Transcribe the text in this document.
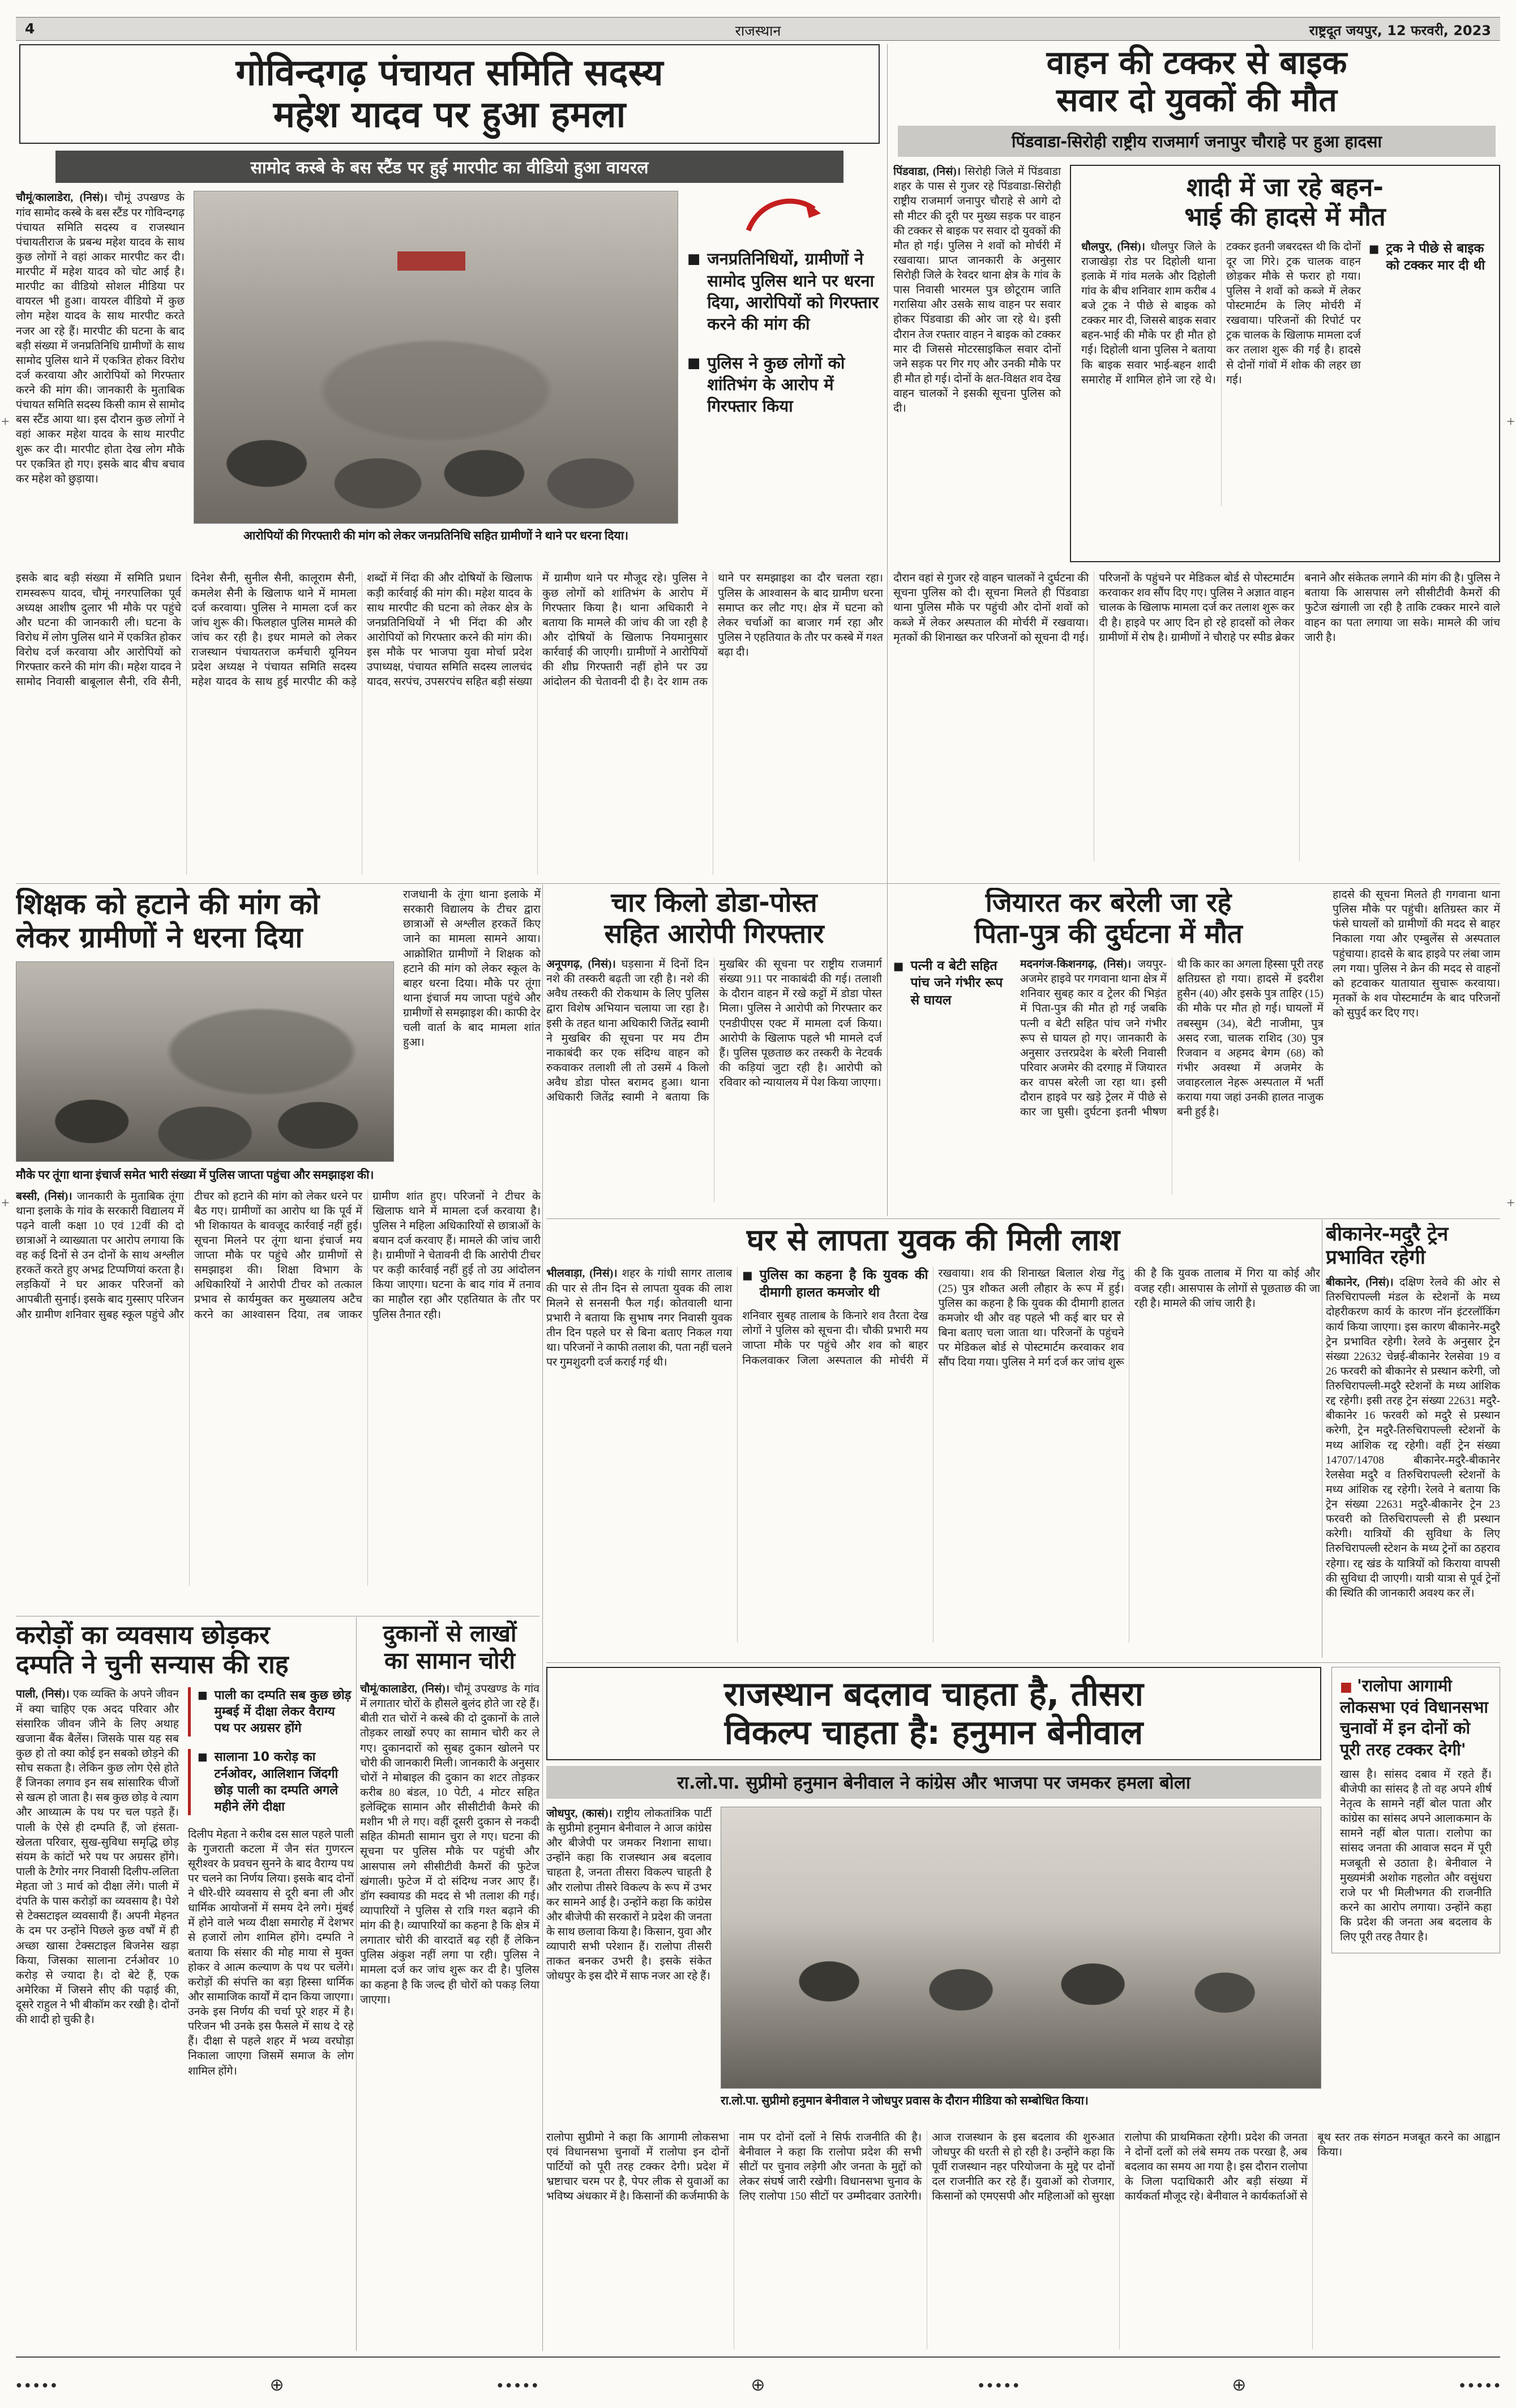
4	राजस्थान	राष्ट्रदूत जयपुर, 12 फरवरी, 2023
+	+
+	+
गोविन्दगढ़ पंचायत समिति सदस्य
महेश यादव पर हुआ हमला
सामोद कस्बे के बस स्टैंड पर हुई मारपीट का वीडियो हुआ वायरल
चौमूं/कालाडेरा, (निसं)। चौमूं उपखण्ड के गांव सामोद कस्बे के बस स्टैंड पर गोविन्दगढ़ पंचायत समिति सदस्य व राजस्थान पंचायतीराज के प्रबन्ध महेश यादव के साथ कुछ लोगों ने वहां आकर मारपीट कर दी। मारपीट में महेश यादव को चोट आई है। मारपीट का वीडियो सोशल मीडिया पर वायरल भी हुआ। वायरल वीडियो में कुछ लोग महेश यादव के साथ मारपीट करते नजर आ रहे हैं। मारपीट की घटना के बाद बड़ी संख्या में जनप्रतिनिधि ग्रामीणों के साथ सामोद पुलिस थाने में एकत्रित होकर विरोध दर्ज करवाया और आरोपियों को गिरफ्तार करने की मांग की। जानकारी के मुताबिक पंचायत समिति सदस्य किसी काम से सामोद बस स्टैंड आया था। इस दौरान कुछ लोगों ने वहां आकर महेश यादव के साथ मारपीट शुरू कर दी। मारपीट होता देख लोग मौके पर एकत्रित हो गए। इसके बाद बीच बचाव कर महेश को छुड़ाया।
आरोपियों की गिरफ्तारी की मांग को लेकर जनप्रतिनिधि सहित ग्रामीणों ने थाने पर धरना दिया।
■ जनप्रतिनिधियों, ग्रामीणों ने सामोद पुलिस थाने पर धरना दिया, आरोपियों को गिरफ्तार करने की मांग की
■ पुलिस ने कुछ लोगों को शांतिभंग के आरोप में गिरफ्तार किया
इसके बाद बड़ी संख्या में समिति प्रधान रामस्वरूप यादव, चौमूं नगरपालिका पूर्व अध्यक्ष आशीष दुलार भी मौके पर पहुंचे और घटना की जानकारी ली। घटना के विरोध में लोग पुलिस थाने में एकत्रित होकर विरोध दर्ज करवाया और आरोपियों को गिरफ्तार करने की मांग की। महेश यादव ने सामोद निवासी बाबूलाल सैनी, रवि सैनी, दिनेश सैनी, सुनील सैनी, कालूराम सैनी, कमलेश सैनी के खिलाफ थाने में मामला दर्ज करवाया। पुलिस ने मामला दर्ज कर जांच शुरू की। फिलहाल पुलिस मामले की जांच कर रही है। इधर मामले को लेकर राजस्थान पंचायतराज कर्मचारी यूनियन प्रदेश अध्यक्ष ने पंचायत समिति सदस्य महेश यादव के साथ हुई मारपीट की कड़े शब्दों में निंदा की और दोषियों के खिलाफ कड़ी कार्रवाई की मांग की। महेश यादव के साथ मारपीट की घटना को लेकर क्षेत्र के जनप्रतिनिधियों ने भी निंदा की और आरोपियों को गिरफ्तार करने की मांग की। इस मौके पर भाजपा युवा मोर्चा प्रदेश उपाध्यक्ष, पंचायत समिति सदस्य लालचंद यादव, सरपंच, उपसरपंच सहित बड़ी संख्या में ग्रामीण थाने पर मौजूद रहे। पुलिस ने कुछ लोगों को शांतिभंग के आरोप में गिरफ्तार किया है। थाना अधिकारी ने बताया कि मामले की जांच की जा रही है और दोषियों के खिलाफ नियमानुसार कार्रवाई की जाएगी। ग्रामीणों ने आरोपियों की शीघ्र गिरफ्तारी नहीं होने पर उग्र आंदोलन की चेतावनी दी है। देर शाम तक थाने पर समझाइश का दौर चलता रहा। पुलिस के आश्वासन के बाद ग्रामीण धरना समाप्त कर लौट गए। क्षेत्र में घटना को लेकर चर्चाओं का बाजार गर्म रहा और पुलिस ने एहतियात के तौर पर कस्बे में गश्त बढ़ा दी।
वाहन की टक्कर से बाइक
सवार दो युवकों की मौत
पिंडवाडा-सिरोही राष्ट्रीय राजमार्ग जनापुर चौराहे पर हुआ हादसा
पिंडवाडा, (निसं)। सिरोही जिले में पिंडवाडा शहर के पास से गुजर रहे पिंडवाडा-सिरोही राष्ट्रीय राजमार्ग जनापुर चौराहे से आगे दो सौ मीटर की दूरी पर मुख्य सड़क पर वाहन की टक्कर से बाइक पर सवार दो युवकों की मौत हो गई। पुलिस ने शवों को मोर्चरी में रखवाया। प्राप्त जानकारी के अनुसार सिरोही जिले के रेवदर थाना क्षेत्र के गांव के पास निवासी भारमल पुत्र छोटूराम जाति गरासिया और उसके साथ वाहन पर सवार होकर पिंडवाडा की ओर जा रहे थे। इसी दौरान तेज रफ्तार वाहन ने बाइक को टक्कर मार दी जिससे मोटरसाइकिल सवार दोनों जने सड़क पर गिर गए और उनकी मौके पर ही मौत हो गई। दोनों के क्षत-विक्षत शव देख वाहन चालकों ने इसकी सूचना पुलिस को दी।
शादी में जा रहे बहन-
भाई की हादसे में मौत
धौलपुर, (निसं)। धौलपुर जिले के राजाखेड़ा रोड पर दिहोली थाना इलाके में गांव मलके और दिहोली गांव के बीच शनिवार शाम करीब 4 बजे ट्रक ने पीछे से बाइक को टक्कर मार दी, जिससे बाइक सवार बहन-भाई की मौके पर ही मौत हो गई। दिहोली थाना पुलिस ने बताया कि बाइक सवार भाई-बहन शादी समारोह में शामिल होने जा रहे थे। टक्कर इतनी जबरदस्त थी कि दोनों दूर जा गिरे। ट्रक चालक वाहन छोड़कर मौके से फरार हो गया। पुलिस ने शवों को कब्जे में लेकर पोस्टमार्टम के लिए मोर्चरी में रखवाया। परिजनों की रिपोर्ट पर ट्रक चालक के खिलाफ मामला दर्ज कर तलाश शुरू की गई है। हादसे से दोनों गांवों में शोक की लहर छा गई।
■ ट्रक ने पीछे से बाइक को टक्कर मार दी थी
दौरान वहां से गुजर रहे वाहन चालकों ने दुर्घटना की सूचना पुलिस को दी। सूचना मिलते ही पिंडवाडा थाना पुलिस मौके पर पहुंची और दोनों शवों को कब्जे में लेकर अस्पताल की मोर्चरी में रखवाया। मृतकों की शिनाख्त कर परिजनों को सूचना दी गई। परिजनों के पहुंचने पर मेडिकल बोर्ड से पोस्टमार्टम करवाकर शव सौंप दिए गए। पुलिस ने अज्ञात वाहन चालक के खिलाफ मामला दर्ज कर तलाश शुरू कर दी है। हाइवे पर आए दिन हो रहे हादसों को लेकर ग्रामीणों में रोष है। ग्रामीणों ने चौराहे पर स्पीड ब्रेकर बनाने और संकेतक लगाने की मांग की है। पुलिस ने बताया कि आसपास लगे सीसीटीवी कैमरों की फुटेज खंगाली जा रही है ताकि टक्कर मारने वाले वाहन का पता लगाया जा सके। मामले की जांच जारी है।
शिक्षक को हटाने की मांग को
लेकर ग्रामीणों ने धरना दिया
राजधानी के तूंगा थाना इलाके में सरकारी विद्यालय के टीचर द्वारा छात्राओं से अश्लील हरकतें किए जाने का मामला सामने आया। आक्रोशित ग्रामीणों ने शिक्षक को हटाने की मांग को लेकर स्कूल के बाहर धरना दिया। मौके पर तूंगा थाना इंचार्ज मय जाप्ता पहुंचे और ग्रामीणों से समझाइश की। काफी देर चली वार्ता के बाद मामला शांत हुआ।
मौके पर तूंगा थाना इंचार्ज समेत भारी संख्या में पुलिस जाप्ता पहुंचा और समझाइश की।
बस्सी, (निसं)। जानकारी के मुताबिक तूंगा थाना इलाके के गांव के सरकारी विद्यालय में पढ़ने वाली कक्षा 10 एवं 12वीं की दो छात्राओं ने व्याख्याता पर आरोप लगाया कि वह कई दिनों से उन दोनों के साथ अश्लील हरकतें करते हुए अभद्र टिप्पणियां करता है। लड़कियों ने घर आकर परिजनों को आपबीती सुनाई। इसके बाद गुस्साए परिजन और ग्रामीण शनिवार सुबह स्कूल पहुंचे और टीचर को हटाने की मांग को लेकर धरने पर बैठ गए। ग्रामीणों का आरोप था कि पूर्व में भी शिकायत के बावजूद कार्रवाई नहीं हुई। सूचना मिलने पर तूंगा थाना इंचार्ज मय जाप्ता मौके पर पहुंचे और ग्रामीणों से समझाइश की। शिक्षा विभाग के अधिकारियों ने आरोपी टीचर को तत्काल प्रभाव से कार्यमुक्त कर मुख्यालय अटैच करने का आश्वासन दिया, तब जाकर ग्रामीण शांत हुए। परिजनों ने टीचर के खिलाफ थाने में मामला दर्ज करवाया है। पुलिस ने महिला अधिकारियों से छात्राओं के बयान दर्ज करवाए हैं। मामले की जांच जारी है। ग्रामीणों ने चेतावनी दी कि आरोपी टीचर पर कड़ी कार्रवाई नहीं हुई तो उग्र आंदोलन किया जाएगा। घटना के बाद गांव में तनाव का माहौल रहा और एहतियात के तौर पर पुलिस तैनात रही।
चार किलो डोडा-पोस्त
सहित आरोपी गिरफ्तार
अनूपगढ़, (निसं)। घड़साना में दिनों दिन नशे की तस्करी बढ़ती जा रही है। नशे की अवैध तस्करी की रोकथाम के लिए पुलिस द्वारा विशेष अभियान चलाया जा रहा है। इसी के तहत थाना अधिकारी जितेंद्र स्वामी ने मुखबिर की सूचना पर मय टीम नाकाबंदी कर एक संदिग्ध वाहन को रुकवाकर तलाशी ली तो उसमें 4 किलो अवैध डोडा पोस्त बरामद हुआ। थाना अधिकारी जितेंद्र स्वामी ने बताया कि मुखबिर की सूचना पर राष्ट्रीय राजमार्ग संख्या 911 पर नाकाबंदी की गई। तलाशी के दौरान वाहन में रखे कट्टों में डोडा पोस्त मिला। पुलिस ने आरोपी को गिरफ्तार कर एनडीपीएस एक्ट में मामला दर्ज किया। आरोपी के खिलाफ पहले भी मामले दर्ज हैं। पुलिस पूछताछ कर तस्करी के नेटवर्क की कड़ियां जुटा रही है। आरोपी को रविवार को न्यायालय में पेश किया जाएगा।
जियारत कर बरेली जा रहे
पिता-पुत्र की दुर्घटना में मौत
■ पत्नी व बेटी सहित पांच जने गंभीर रूप से घायल
मदनगंज-किशनगढ़, (निसं)। जयपुर-अजमेर हाइवे पर गगवाना थाना क्षेत्र में शनिवार सुबह कार व ट्रेलर की भिड़ंत में पिता-पुत्र की मौत हो गई जबकि पत्नी व बेटी सहित पांच जने गंभीर रूप से घायल हो गए। जानकारी के अनुसार उत्तरप्रदेश के बरेली निवासी परिवार अजमेर की दरगाह में जियारत कर वापस बरेली जा रहा था। इसी दौरान हाइवे पर खड़े ट्रेलर में पीछे से कार जा घुसी। दुर्घटना इतनी भीषण थी कि कार का अगला हिस्सा पूरी तरह क्षतिग्रस्त हो गया। हादसे में इदरीश हुसैन (40) और इसके पुत्र ताहिर (15) की मौके पर मौत हो गई। घायलों में तबस्सुम (34), बेटी नाजीमा, पुत्र असद रजा, चालक राशिद (30) पुत्र रिजवान व अहमद बेगम (68) को गंभीर अवस्था में अजमेर के जवाहरलाल नेहरू अस्पताल में भर्ती कराया गया जहां उनकी हालत नाजुक बनी हुई है।
हादसे की सूचना मिलते ही गगवाना थाना पुलिस मौके पर पहुंची। क्षतिग्रस्त कार में फंसे घायलों को ग्रामीणों की मदद से बाहर निकाला गया और एम्बुलेंस से अस्पताल पहुंचाया। हादसे के बाद हाइवे पर लंबा जाम लग गया। पुलिस ने क्रेन की मदद से वाहनों को हटवाकर यातायात सुचारू करवाया। मृतकों के शव पोस्टमार्टम के बाद परिजनों को सुपुर्द कर दिए गए।
घर से लापता युवक की मिली लाश
भीलवाड़ा, (निसं)। शहर के गांधी सागर तालाब की पार से तीन दिन से लापता युवक की लाश मिलने से सनसनी फैल गई। कोतवाली थाना प्रभारी ने बताया कि सुभाष नगर निवासी युवक तीन दिन पहले घर से बिना बताए निकल गया था। परिजनों ने काफी तलाश की, पता नहीं चलने पर गुमशुदगी दर्ज कराई गई थी।
■ पुलिस का कहना है कि युवक की दीमागी हालत कमजोर थी
शनिवार सुबह तालाब के किनारे शव तैरता देख लोगों ने पुलिस को सूचना दी। चौकी प्रभारी मय जाप्ता मौके पर पहुंचे और शव को बाहर निकलवाकर जिला अस्पताल की मोर्चरी में रखवाया। शव की शिनाख्त बिलाल शेख गेंदु (25) पुत्र शौकत अली लौहार के रूप में हुई। पुलिस का कहना है कि युवक की दीमागी हालत कमजोर थी और वह पहले भी कई बार घर से बिना बताए चला जाता था। परिजनों के पहुंचने पर मेडिकल बोर्ड से पोस्टमार्टम करवाकर शव सौंप दिया गया। पुलिस ने मर्ग दर्ज कर जांच शुरू की है कि युवक तालाब में गिरा या कोई और वजह रही। आसपास के लोगों से पूछताछ की जा रही है। मामले की जांच जारी है।
बीकानेर-मदुरै ट्रेन प्रभावित रहेगी
बीकानेर, (निसं)। दक्षिण रेलवे की ओर से तिरुचिरापल्ली मंडल के स्टेशनों के मध्य दोहरीकरण कार्य के कारण नॉन इंटरलॉकिंग कार्य किया जाएगा। इस कारण बीकानेर-मदुरै ट्रेन प्रभावित रहेगी। रेलवे के अनुसार ट्रेन संख्या 22632 चेन्नई-बीकानेर रेलसेवा 19 व 26 फरवरी को बीकानेर से प्रस्थान करेगी, जो तिरुचिरापल्ली-मदुरै स्टेशनों के मध्य आंशिक रद्द रहेगी। इसी तरह ट्रेन संख्या 22631 मदुरै-बीकानेर 16 फरवरी को मदुरै से प्रस्थान करेगी, ट्रेन मदुरै-तिरुचिरापल्ली स्टेशनों के मध्य आंशिक रद्द रहेगी। वहीं ट्रेन संख्या 14707/14708 बीकानेर-मदुरै-बीकानेर रेलसेवा मदुरै व तिरुचिरापल्ली स्टेशनों के मध्य आंशिक रद्द रहेगी। रेलवे ने बताया कि ट्रेन संख्या 22631 मदुरै-बीकानेर ट्रेन 23 फरवरी को तिरुचिरापल्ली से ही प्रस्थान करेगी। यात्रियों की सुविधा के लिए तिरुचिरापल्ली स्टेशन के मध्य ट्रेनों का ठहराव रहेगा। रद्द खंड के यात्रियों को किराया वापसी की सुविधा दी जाएगी। यात्री यात्रा से पूर्व ट्रेनों की स्थिति की जानकारी अवश्य कर लें।
करोड़ों का व्यवसाय छोड़कर
दम्पति ने चुनी सन्यास की राह
पाली, (निसं)। एक व्यक्ति के अपने जीवन में क्या चाहिए एक अदद परिवार और संसारिक जीवन जीने के लिए अथाह खजाना बैंक बैलेंस। जिसके पास यह सब कुछ हो तो क्या कोई इन सबको छोड़ने की सोच सकता है। लेकिन कुछ लोग ऐसे होते हैं जिनका लगाव इन सब सांसारिक चीजों से खत्म हो जाता है। सब कुछ छोड़ वे त्याग और आध्यात्म के पथ पर चल पड़ते हैं। पाली के ऐसे ही दम्पति हैं, जो हंसता-खेलता परिवार, सुख-सुविधा समृद्धि छोड़ संयम के कांटों भरे पथ पर अग्रसर होंगे। पाली के टैगोर नगर निवासी दिलीप-ललिता मेहता जो 3 मार्च को दीक्षा लेंगे। पाली में दंपति के पास करोड़ों का व्यवसाय है। पेशे से टेक्सटाइल व्यवसायी हैं। अपनी मेहनत के दम पर उन्होंने पिछले कुछ वर्षों में ही अच्छा खासा टेक्सटाइल बिजनेस खड़ा किया, जिसका सालाना टर्नओवर 10 करोड़ से ज्यादा है। दो बेटे हैं, एक अमेरिका में जिसने सीए की पढ़ाई की, दूसरे राहुल ने भी बीकॉम कर रखी है। दोनों की शादी हो चुकी है।
■ पाली का दम्पति सब कुछ छोड़ मुम्बई में दीक्षा लेकर वैराग्य पथ पर अग्रसर होंगे
■ सालाना 10 करोड़ का टर्नओवर, आलिशान जिंदगी छोड़ पाली का दम्पति अगले महीने लेंगे दीक्षा
दिलीप मेहता ने करीब दस साल पहले पाली के गुजराती कटला में जैन संत गुणरत्न सूरीश्वर के प्रवचन सुनने के बाद वैराग्य पथ पर चलने का निर्णय लिया। इसके बाद दोनों ने धीरे-धीरे व्यवसाय से दूरी बना ली और धार्मिक आयोजनों में समय देने लगे। मुंबई में होने वाले भव्य दीक्षा समारोह में देशभर से हजारों लोग शामिल होंगे। दम्पति ने बताया कि संसार की मोह माया से मुक्त होकर वे आत्म कल्याण के पथ पर चलेंगे। करोड़ों की संपत्ति का बड़ा हिस्सा धार्मिक और सामाजिक कार्यों में दान किया जाएगा। उनके इस निर्णय की चर्चा पूरे शहर में है। परिजन भी उनके इस फैसले में साथ दे रहे हैं। दीक्षा से पहले शहर में भव्य वरघोड़ा निकाला जाएगा जिसमें समाज के लोग शामिल होंगे।
दुकानों से लाखों
का सामान चोरी
चौमूं/कालाडेरा, (निसं)। चौमूं उपखण्ड के गांव में लगातार चोरों के हौसले बुलंद होते जा रहे हैं। बीती रात चोरों ने कस्बे की दो दुकानों के ताले तोड़कर लाखों रुपए का सामान चोरी कर ले गए। दुकानदारों को सुबह दुकान खोलने पर चोरी की जानकारी मिली। जानकारी के अनुसार चोरों ने मोबाइल की दुकान का शटर तोड़कर करीब 80 बंडल, 10 पेटी, 4 मोटर सहित इलेक्ट्रिक सामान और सीसीटीवी कैमरे की मशीन भी ले गए। वहीं दूसरी दुकान से नकदी सहित कीमती सामान चुरा ले गए। घटना की सूचना पर पुलिस मौके पर पहुंची और आसपास लगे सीसीटीवी कैमरों की फुटेज खंगाली। फुटेज में दो संदिग्ध नजर आए हैं। डॉग स्क्वायड की मदद से भी तलाश की गई। व्यापारियों ने पुलिस से रात्रि गश्त बढ़ाने की मांग की है। व्यापारियों का कहना है कि क्षेत्र में लगातार चोरी की वारदातें बढ़ रही हैं लेकिन पुलिस अंकुश नहीं लगा पा रही। पुलिस ने मामला दर्ज कर जांच शुरू कर दी है। पुलिस का कहना है कि जल्द ही चोरों को पकड़ लिया जाएगा।
राजस्थान बदलाव चाहता है, तीसरा
विकल्प चाहता है: हनुमान बेनीवाल
रा.लो.पा. सुप्रीमो हनुमान बेनीवाल ने कांग्रेस और भाजपा पर जमकर हमला बोला
जोधपुर, (कासं)। राष्ट्रीय लोकतांत्रिक पार्टी के सुप्रीमो हनुमान बेनीवाल ने आज कांग्रेस और बीजेपी पर जमकर निशाना साधा। उन्होंने कहा कि राजस्थान अब बदलाव चाहता है, जनता तीसरा विकल्प चाहती है और रालोपा तीसरे विकल्प के रूप में उभर कर सामने आई है। उन्होंने कहा कि कांग्रेस और बीजेपी की सरकारों ने प्रदेश की जनता के साथ छलावा किया है। किसान, युवा और व्यापारी सभी परेशान हैं। रालोपा तीसरी ताकत बनकर उभरी है। इसके संकेत जोधपुर के इस दौरे में साफ नजर आ रहे हैं।
रा.लो.पा. सुप्रीमो हनुमान बेनीवाल ने जोधपुर प्रवास के दौरान मीडिया को सम्बोधित किया।
■ 'रालोपा आगामी लोकसभा एवं विधानसभा चुनावों में इन दोनों को पूरी तरह टक्कर देगी'
खास है। सांसद दबाव में रहते हैं। बीजेपी का सांसद है तो वह अपने शीर्ष नेतृत्व के सामने नहीं बोल पाता और कांग्रेस का सांसद अपने आलाकमान के सामने नहीं बोल पाता। रालोपा का सांसद जनता की आवाज सदन में पूरी मजबूती से उठाता है। बेनीवाल ने मुख्यमंत्री अशोक गहलोत और वसुंधरा राजे पर भी मिलीभगत की राजनीति करने का आरोप लगाया। उन्होंने कहा कि प्रदेश की जनता अब बदलाव के लिए पूरी तरह तैयार है।
रालोपा सुप्रीमो ने कहा कि आगामी लोकसभा एवं विधानसभा चुनावों में रालोपा इन दोनों पार्टियों को पूरी तरह टक्कर देगी। प्रदेश में भ्रष्टाचार चरम पर है, पेपर लीक से युवाओं का भविष्य अंधकार में है। किसानों की कर्जमाफी के नाम पर दोनों दलों ने सिर्फ राजनीति की है। बेनीवाल ने कहा कि रालोपा प्रदेश की सभी सीटों पर चुनाव लड़ेगी और जनता के मुद्दों को लेकर संघर्ष जारी रखेगी। विधानसभा चुनाव के लिए रालोपा 150 सीटों पर उम्मीदवार उतारेगी। आज राजस्थान के इस बदलाव की शुरुआत जोधपुर की धरती से हो रही है। उन्होंने कहा कि पूर्वी राजस्थान नहर परियोजना के मुद्दे पर दोनों दल राजनीति कर रहे हैं। युवाओं को रोजगार, किसानों को एमएसपी और महिलाओं को सुरक्षा रालोपा की प्राथमिकता रहेगी। प्रदेश की जनता ने दोनों दलों को लंबे समय तक परखा है, अब बदलाव का समय आ गया है। इस दौरान रालोपा के जिला पदाधिकारी और बड़ी संख्या में कार्यकर्ता मौजूद रहे। बेनीवाल ने कार्यकर्ताओं से बूथ स्तर तक संगठन मजबूत करने का आह्वान किया।
● ● ● ● ●	⊕	● ● ● ● ●	⊕	● ● ● ● ●	⊕	● ● ● ● ●
